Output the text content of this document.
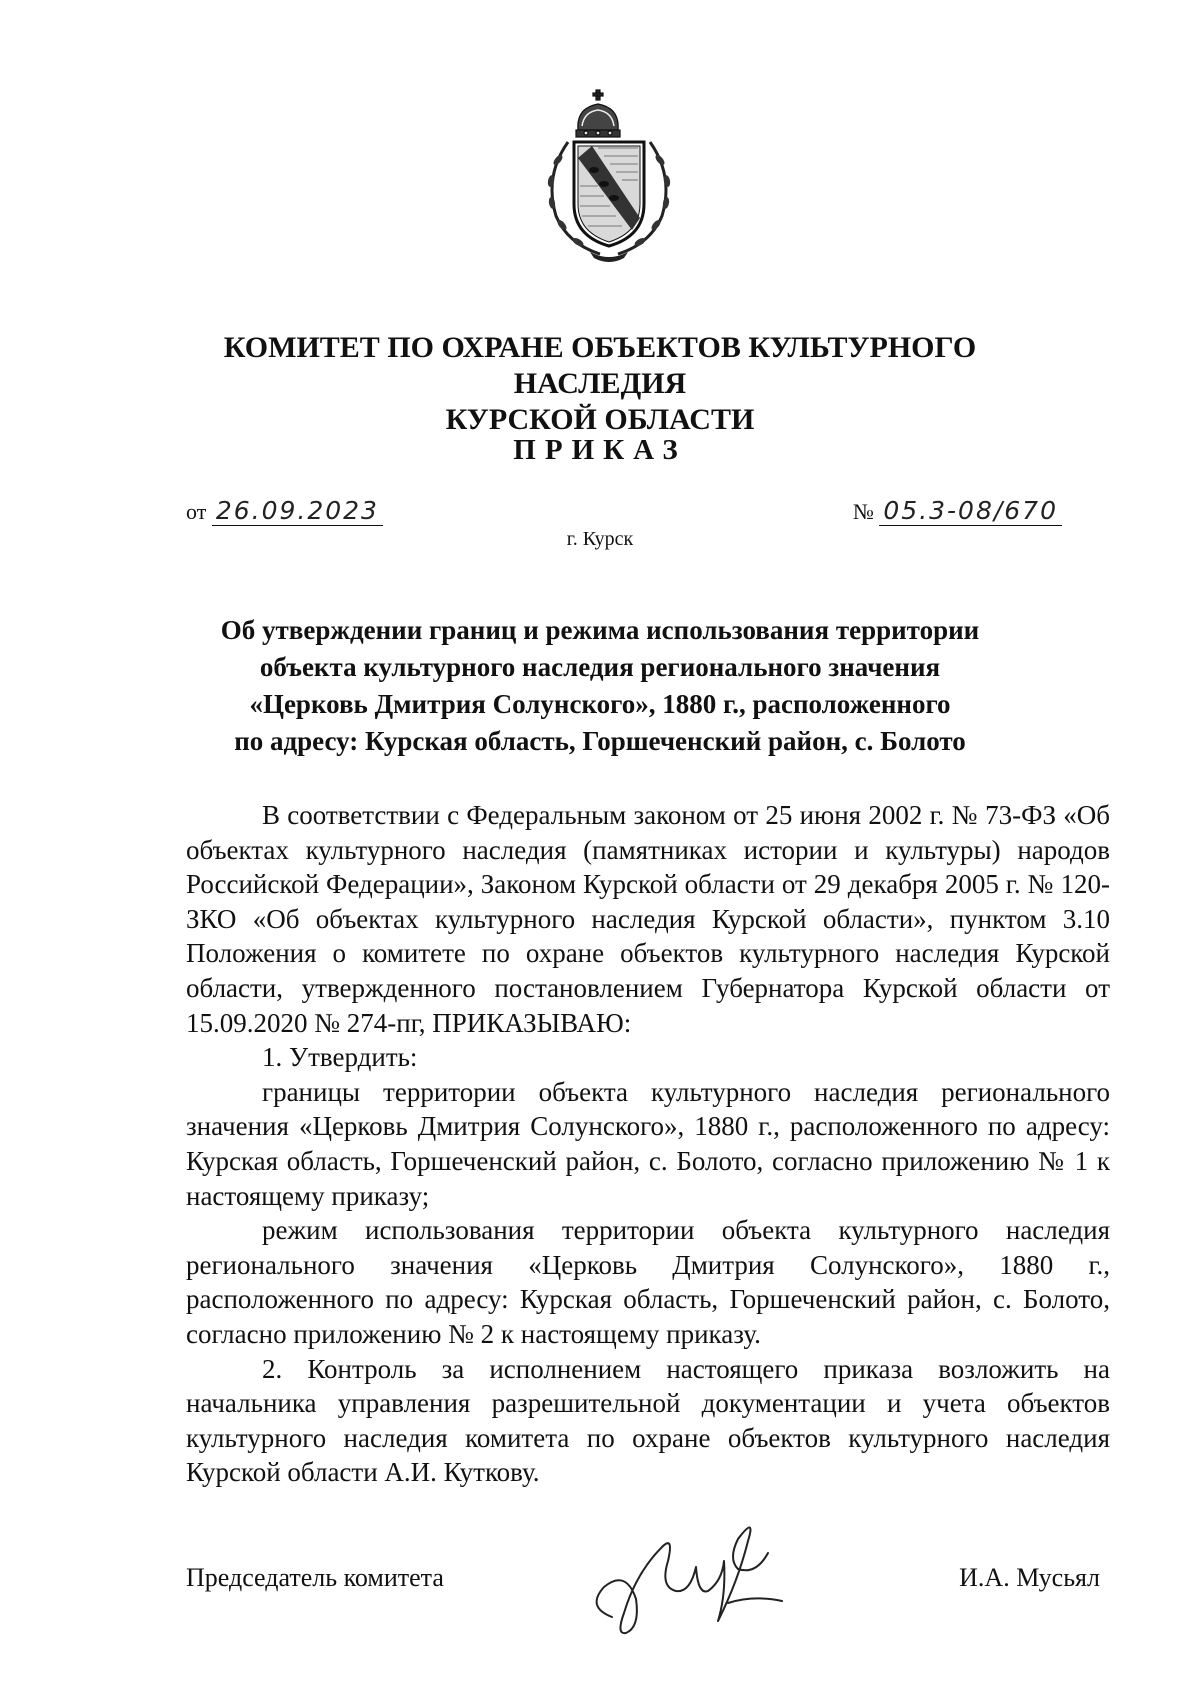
КОМИТЕТ ПО ОХРАНЕ ОБЪЕКТОВ КУЛЬТУРНОГО НАСЛЕДИЯ
КУРСКОЙ ОБЛАСТИ
ПРИКАЗ
от 26.09.2023	№ 05.3-08/670
г. Курск
Об утверждении границ и режима использования территории
объекта культурного наследия регионального значения
«Церковь Дмитрия Солунского», 1880 г., расположенного
по адресу: Курская область, Горшеченский район, с. Болото

В соответствии с Федеральным законом от 25 июня 2002 г. № 73-ФЗ «Об объектах культурного наследия (памятниках истории и культуры) народов Российской Федерации», Законом Курской области от 29 декабря 2005 г. № 120-ЗКО «Об объектах культурного наследия Курской области», пунктом 3.10 Положения о комитете по охране объектов культурного наследия Курской области, утвержденного постановлением Губернатора Курской области от 15.09.2020 № 274-пг, ПРИКАЗЫВАЮ:

1. Утвердить:

границы территории объекта культурного наследия регионального значения «Церковь Дмитрия Солунского», 1880 г., расположенного по адресу: Курская область, Горшеченский район, с. Болото, согласно приложению № 1 к настоящему приказу;

режим использования территории объекта культурного наследия регионального значения «Церковь Дмитрия Солунского», 1880 г., расположенного по адресу: Курская область, Горшеченский район, с. Болото, согласно приложению № 2 к настоящему приказу.

2. Контроль за исполнением настоящего приказа возложить на начальника управления разрешительной документации и учета объектов культурного наследия комитета по охране объектов культурного наследия Курской области А.И. Куткову.

Председатель комитета	И.А. Мусьял
